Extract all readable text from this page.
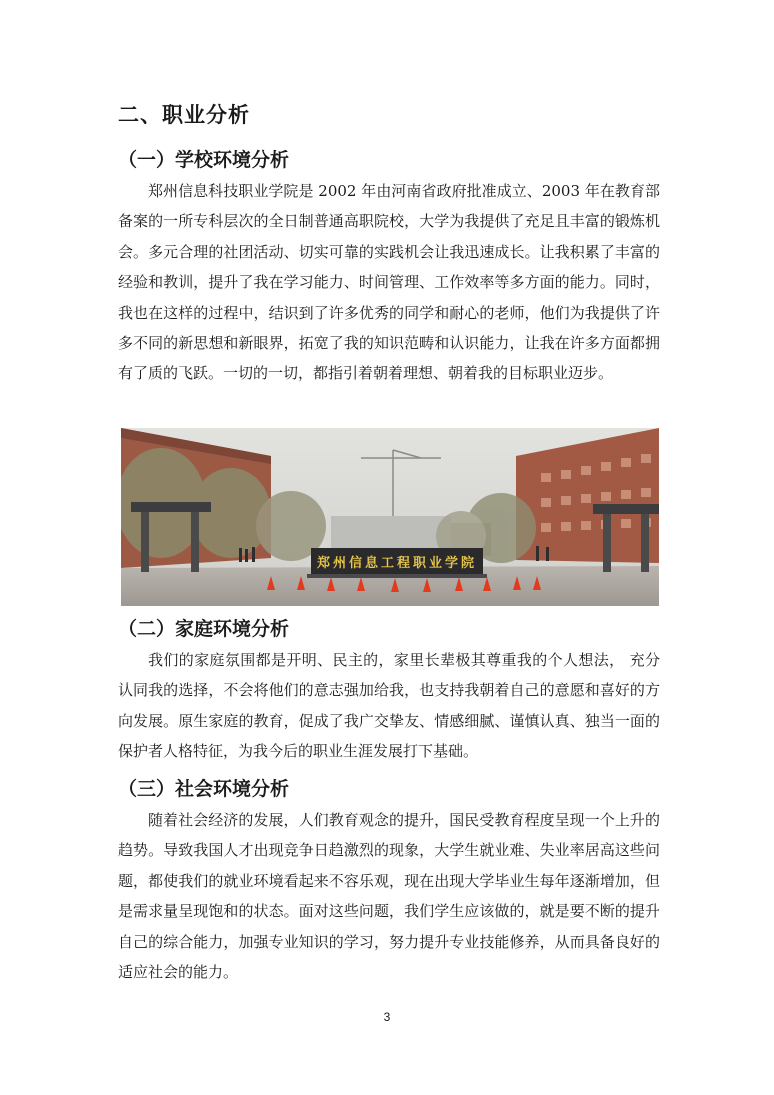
二、职业分析
（一）学校环境分析

郑州信息科技职业学院是 2002 年由河南省政府批准成立、2003 年在教育部备案的一所专科层次的全日制普通高职院校，大学为我提供了充足且丰富的锻炼机会。多元合理的社团活动、切实可靠的实践机会让我迅速成长。让我积累了丰富的经验和教训，提升了我在学习能力、时间管理、工作效率等多方面的能力。同时，我也在这样的过程中，结识到了许多优秀的同学和耐心的老师，他们为我提供了许多不同的新思想和新眼界，拓宽了我的知识范畴和认识能力，让我在许多方面都拥有了质的飞跃。一切的一切，都指引着朝着理想、朝着我的目标职业迈步。

郑州信息工程职业学院
（二）家庭环境分析

我们的家庭氛围都是开明、民主的，家里长辈极其尊重我的个人想法， 充分认同我的选择，不会将他们的意志强加给我，也支持我朝着自己的意愿和喜好的方向发展。原生家庭的教育，促成了我广交挚友、情感细腻、谨慎认真、独当一面的保护者人格特征，为我今后的职业生涯发展打下基础。

（三）社会环境分析

随着社会经济的发展，人们教育观念的提升，国民受教育程度呈现一个上升的趋势。导致我国人才出现竞争日趋激烈的现象，大学生就业难、失业率居高这些问题，都使我们的就业环境看起来不容乐观，现在出现大学毕业生每年逐渐增加，但是需求量呈现饱和的状态。面对这些问题，我们学生应该做的，就是要不断的提升自己的综合能力，加强专业知识的学习，努力提升专业技能修养，从而具备良好的适应社会的能力。

3
